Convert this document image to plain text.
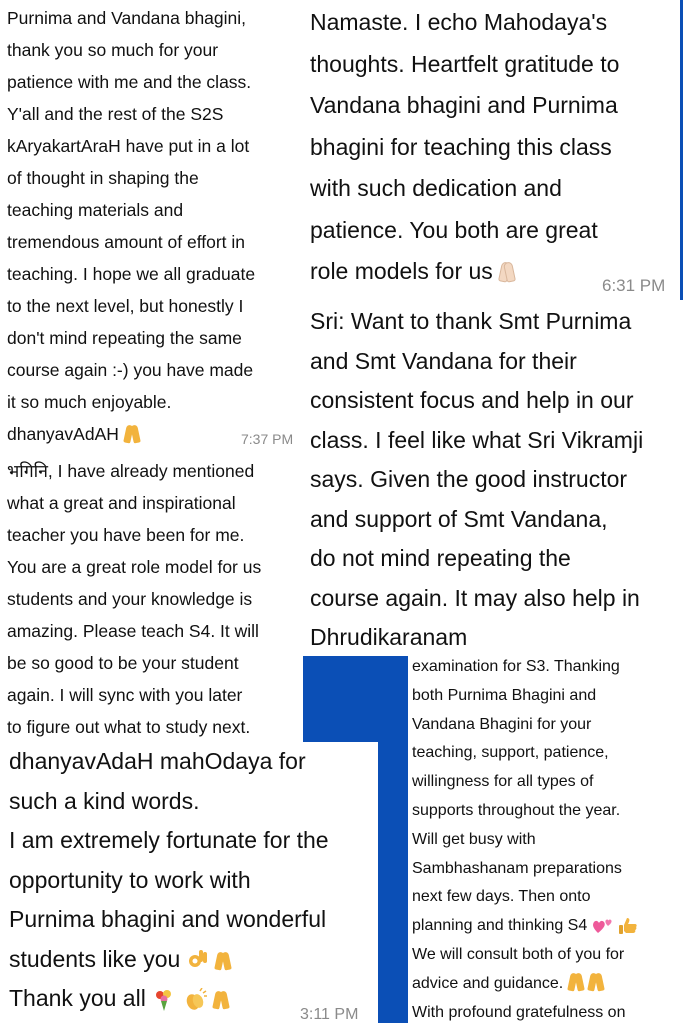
Purnima and Vandana bhagini,
thank you so much for your
patience with me and the class.
Y'all and the rest of the S2S
kAryakartAraH have put in a lot
of thought in shaping the
teaching materials and
tremendous amount of effort in
teaching. I hope we all graduate
to the next level, but honestly I
don't mind repeating the same
course again :-) you have made
it so much enjoyable.
dhanyavAdAH	7:37 PM
भगिनि, I have already mentioned
what a great and inspirational
teacher you have been for me.
You are a great role model for us
students and your knowledge is
amazing. Please teach S4. It will
be so good to be your student
again. I will sync with you later
to figure out what to study next.
dhanyavAdaH mahOdaya for
such a kind words.
I am extremely fortunate for the
opportunity to work with
Purnima bhagini and wonderful
students like you
Thank you all
3:11 PM
Namaste. I echo Mahodaya's
thoughts. Heartfelt gratitude to
Vandana bhagini and Purnima
bhagini for teaching this class
with such dedication and
patience. You both are great
role models for us
6:31 PM
Sri: Want to thank Smt Purnima
and Smt Vandana for their
consistent focus and help in our
class. I feel like what Sri Vikramji
says. Given the good instructor
and support of Smt Vandana,
do not mind repeating the
course again. It may also help in
Dhrudikaranam
examination for S3. Thanking
both Purnima Bhagini and
Vandana Bhagini for your
teaching, support, patience,
willingness for all types of
supports throughout the year.
Will get busy with
Sambhashanam preparations
next few days. Then onto
planning and thinking S4
We will consult both of you for
advice and guidance.
With profound gratefulness on
